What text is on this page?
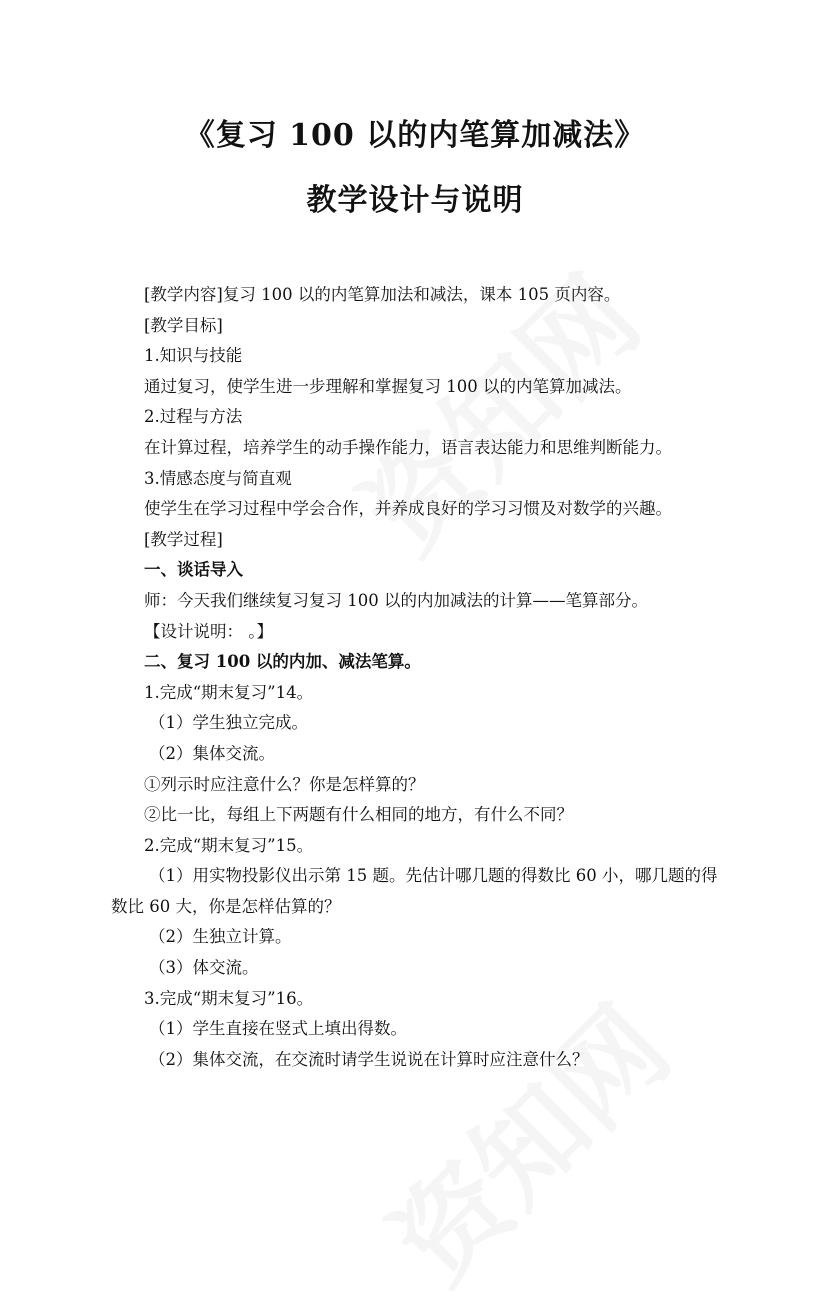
《复习 100 以的内笔算加减法》
教学设计与说明
[教学内容]复习 100 以的内笔算加法和减法，课本 105 页内容。
[教学目标]
1.知识与技能
通过复习，使学生进一步理解和掌握复习 100 以的内笔算加减法。
2.过程与方法
在计算过程，培养学生的动手操作能力，语言表达能力和思维判断能力。
3.情感态度与简直观
使学生在学习过程中学会合作，并养成良好的学习习惯及对数学的兴趣。
[教学过程]
一、谈话导入
师：今天我们继续复习复习 100 以的内加减法的计算——笔算部分。
【设计说明： 。】
二、复习 100 以的内加、减法笔算。
1.完成“期末复习”14。
（1）学生独立完成。
（2）集体交流。
①列示时应注意什么？你是怎样算的？
②比一比，每组上下两题有什么相同的地方，有什么不同？
2.完成“期末复习”15。
（1）用实物投影仪出示第 15 题。先估计哪几题的得数比 60 小，哪几题的得数比 60 大，你是怎样估算的？
（2）生独立计算。
（3）体交流。
3.完成“期末复习”16。
（1）学生直接在竖式上填出得数。
（2）集体交流，在交流时请学生说说在计算时应注意什么？
